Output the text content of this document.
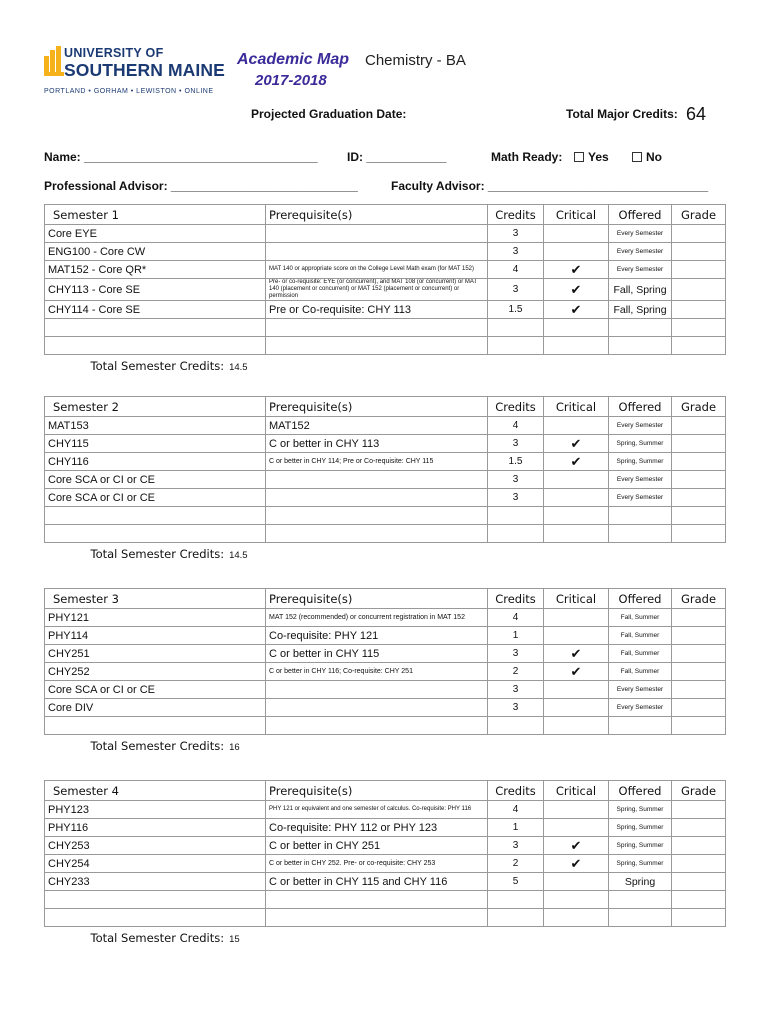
UNIVERSITY OF
SOUTHERN MAINE
PORTLAND • GORHAM • LEWISTON • ONLINE
Academic Map Chemistry - BA
2017-2018
Projected Graduation Date:	Total Major Credits: 64
Name: ___________________________________ ID: ____________	Math Ready:	Yes	No
Professional Advisor: ____________________________	Faculty Advisor: _________________________________
Semester 1	Prerequisite(s)	Credits	Critical	Offered	Grade
Core EYE		3		Every Semester	
ENG100 - Core CW		3		Every Semester	
MAT152 - Core QR*	MAT 140 or appropriate score on the College Level Math exam (for MAT 152)	4	✔	Every Semester	
CHY113 - Core SE	Pre- or co-requisite: EYE (or concurrent), and MAT 108 (or concurrent) or MAT 140 (placement or concurrent) or MAT 152 (placement or concurrent) or permission	3	✔	Fall, Spring	
CHY114 - Core SE	Pre or Co-requisite: CHY 113	1.5	✔	Fall, Spring	

Total Semester Credits: 14.5					
Semester 2	Prerequisite(s)	Credits	Critical	Offered	Grade
MAT153	MAT152	4		Every Semester	
CHY115	C or better in CHY 113	3	✔	Spring, Summer	
CHY116	C or better in CHY 114; Pre or Co-requisite: CHY 115	1.5	✔	Spring, Summer	
Core SCA or CI or CE		3		Every Semester	
Core SCA or CI or CE		3		Every Semester	

Total Semester Credits: 14.5					
Semester 3	Prerequisite(s)	Credits	Critical	Offered	Grade
PHY121	MAT 152 (recommended) or concurrent registration in MAT 152	4		Fall, Summer	
PHY114	Co-requisite: PHY 121	1		Fall, Summer	
CHY251	C or better in CHY 115	3	✔	Fall, Summer	
CHY252	C or better in CHY 116; Co-requisite: CHY 251	2	✔	Fall, Summer	
Core SCA or CI or CE		3		Every Semester	
Core DIV		3		Every Semester	

Total Semester Credits: 16					
Semester 4	Prerequisite(s)	Credits	Critical	Offered	Grade
PHY123	PHY 121 or equivalent and one semester of calculus. Co-requisite: PHY 116	4		Spring, Summer	
PHY116	Co-requisite: PHY 112 or PHY 123	1		Spring, Summer	
CHY253	C or better in CHY 251	3	✔	Spring, Summer	
CHY254	C or better in CHY 252. Pre- or co-requisite: CHY 253	2	✔	Spring, Summer	
CHY233	C or better in CHY 115 and CHY 116	5		Spring	

Total Semester Credits: 15					
